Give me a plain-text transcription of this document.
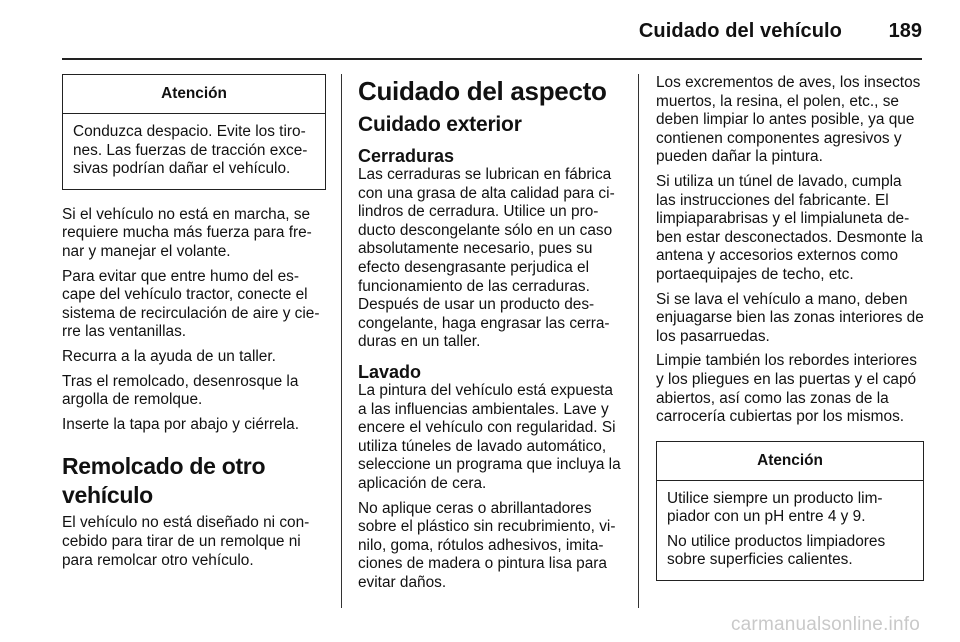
Cuidado del vehículo 189
Atención

Conduzca despacio. Evite los tirones. Las fuerzas de tracción excesivas podrían dañar el vehículo.

Si el vehículo no está en marcha, se requiere mucha más fuerza para frenar y manejar el volante.

Para evitar que entre humo del escape del vehículo tractor, conecte el sistema de recirculación de aire y cierre las ventanillas.

Recurra a la ayuda de un taller.

Tras el remolcado, desenrosque la argolla de remolque.

Inserte la tapa por abajo y ciérrela.

Remolcado de otro vehículo

El vehículo no está diseñado ni concebido para tirar de un remolque ni para remolcar otro vehículo.

Cuidado del aspecto
Cuidado exterior
Cerraduras

Las cerraduras se lubrican en fábrica con una grasa de alta calidad para cilindros de cerradura. Utilice un producto descongelante sólo en un caso absolutamente necesario, pues su efecto desengrasante perjudica el funcionamiento de las cerraduras. Después de usar un producto descongelante, haga engrasar las cerraduras en un taller.

Lavado

La pintura del vehículo está expuesta a las influencias ambientales. Lave y encere el vehículo con regularidad. Si utiliza túneles de lavado automático, seleccione un programa que incluya la aplicación de cera.

No aplique ceras o abrillantadores sobre el plástico sin recubrimiento, vinilo, goma, rótulos adhesivos, imitaciones de madera o pintura lisa para evitar daños.

Los excrementos de aves, los insectos muertos, la resina, el polen, etc., se deben limpiar lo antes posible, ya que contienen componentes agresivos y pueden dañar la pintura.

Si utiliza un túnel de lavado, cumpla las instrucciones del fabricante. El limpiaparabrisas y el limpialuneta deben estar desconectados. Desmonte la antena y accesorios externos como portaequipajes de techo, etc.

Si se lava el vehículo a mano, deben enjuagarse bien las zonas interiores de los pasarruedas.

Limpie también los rebordes interiores y los pliegues en las puertas y el capó abiertos, así como las zonas de la carrocería cubiertas por los mismos.

Atención

Utilice siempre un producto limpiador con un pH entre 4 y 9.

No utilice productos limpiadores sobre superficies calientes.

carmanualsonline.info
